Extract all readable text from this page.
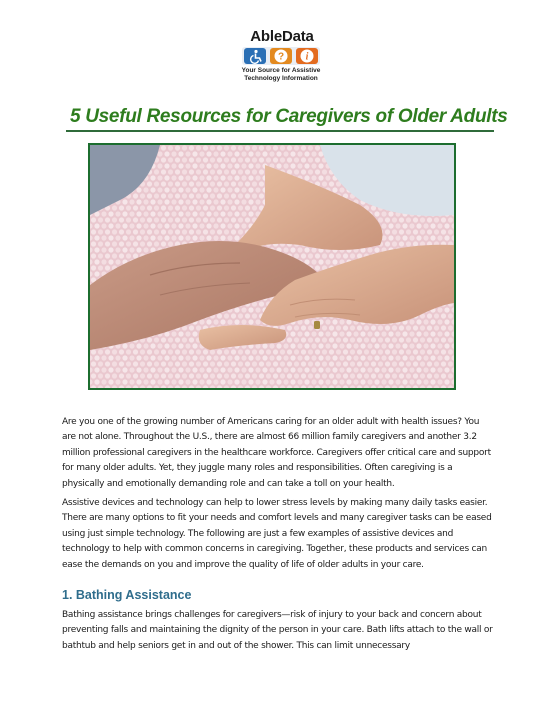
AbleData
? i
Your Source for Assistive Technology Information
5 Useful Resources for Caregivers of Older Adults

Are you one of the growing number of Americans caring for an older adult with health issues? You are not alone. Throughout the U.S., there are almost 66 million family caregivers and another 3.2 million professional caregivers in the healthcare workforce. Caregivers offer critical care and support for many older adults. Yet, they juggle many roles and responsibilities. Often caregiving is a physically and emotionally demanding role and can take a toll on your health.

Assistive devices and technology can help to lower stress levels by making many daily tasks easier. There are many options to fit your needs and comfort levels and many caregiver tasks can be eased using just simple technology. The following are just a few examples of assistive devices and technology to help with common concerns in caregiving. Together, these products and services can ease the demands on you and improve the quality of life of older adults in your care.

1. Bathing Assistance

Bathing assistance brings challenges for caregivers—risk of injury to your back and concern about preventing falls and maintaining the dignity of the person in your care. Bath lifts attach to the wall or bathtub and help seniors get in and out of the shower. This can limit unnecessary
